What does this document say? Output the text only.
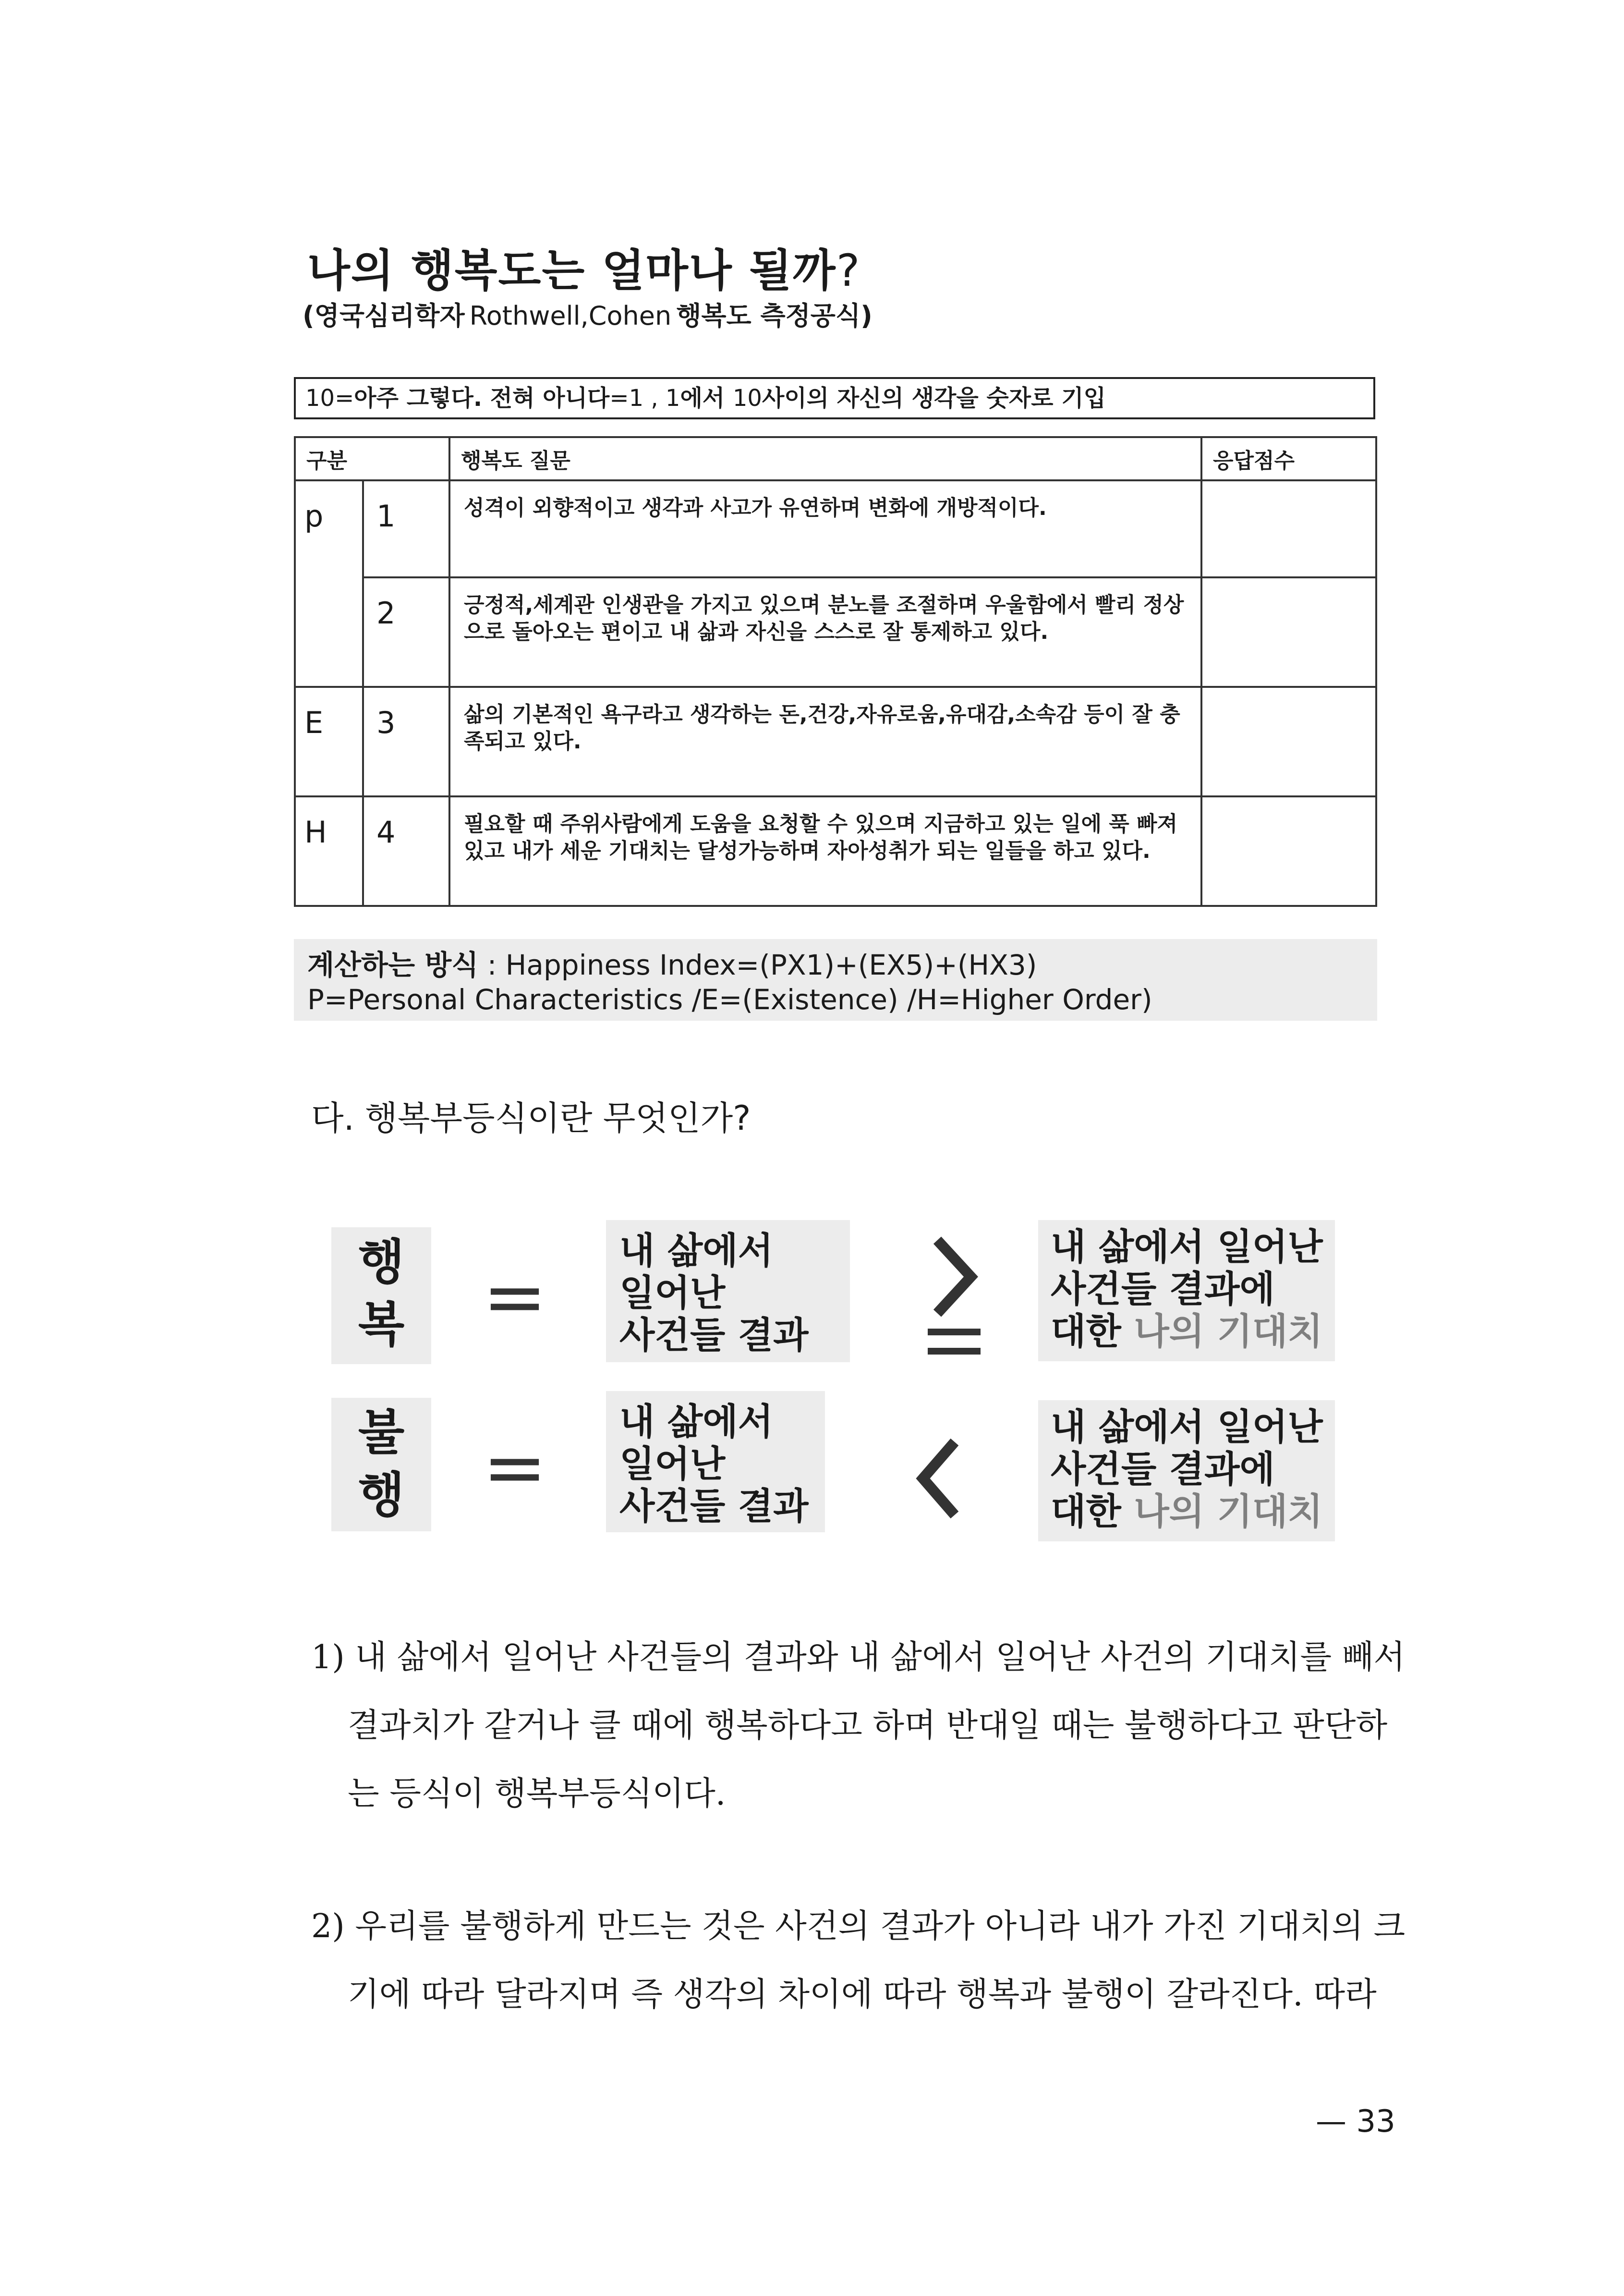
나의 행복도는 얼마나 될까?
(영국심리학자 Rothwell,Cohen 행복도 측정공식)
10=아주 그렇다. 전혀 아니다=1 , 1에서 10사이의 자신의 생각을 숫자로 기입
구분		행복도 질문	응답점수
p	1	성격이 외향적이고 생각과 사고가 유연하며 변화에 개방적이다.	
	2	긍정적,세계관 인생관을 가지고 있으며 분노를 조절하며 우울함에서 빨리 정상으로 돌아오는 편이고 내 삶과 자신을 스스로 잘 통제하고 있다.	
E	3	삶의 기본적인 욕구라고 생각하는 돈,건강,자유로움,유대감,소속감 등이 잘 충족되고 있다.	
H	4	필요할 때 주위사람에게 도움을 요청할 수 있으며 지금하고 있는 일에 푹 빠져있고 내가 세운 기대치는 달성가능하며 자아성취가 되는 일들을 하고 있다.	
계산하는 방식 : Happiness Index=(PX1)+(EX5)+(HX3)
P=Personal Characteristics /E=(Existence) /H=Higher Order)
다. 행복부등식이란 무엇인가?
행
복	=
내 삶에서
일어난
사건들 결과
내 삶에서 일어난
사건들 결과에
대한 나의 기대치
불
행	=
내 삶에서
일어난
사건들 결과
내 삶에서 일어난
사건들 결과에
대한 나의 기대치
1) 내 삶에서 일어난 사건들의 결과와 내 삶에서 일어난 사건의 기대치를 빼서
결과치가 같거나 클 때에 행복하다고 하며 반대일 때는 불행하다고 판단하
는 등식이 행복부등식이다.
2) 우리를 불행하게 만드는 것은 사건의 결과가 아니라 내가 가진 기대치의 크
기에 따라 달라지며 즉 생각의 차이에 따라 행복과 불행이 갈라진다. 따라
— 33
